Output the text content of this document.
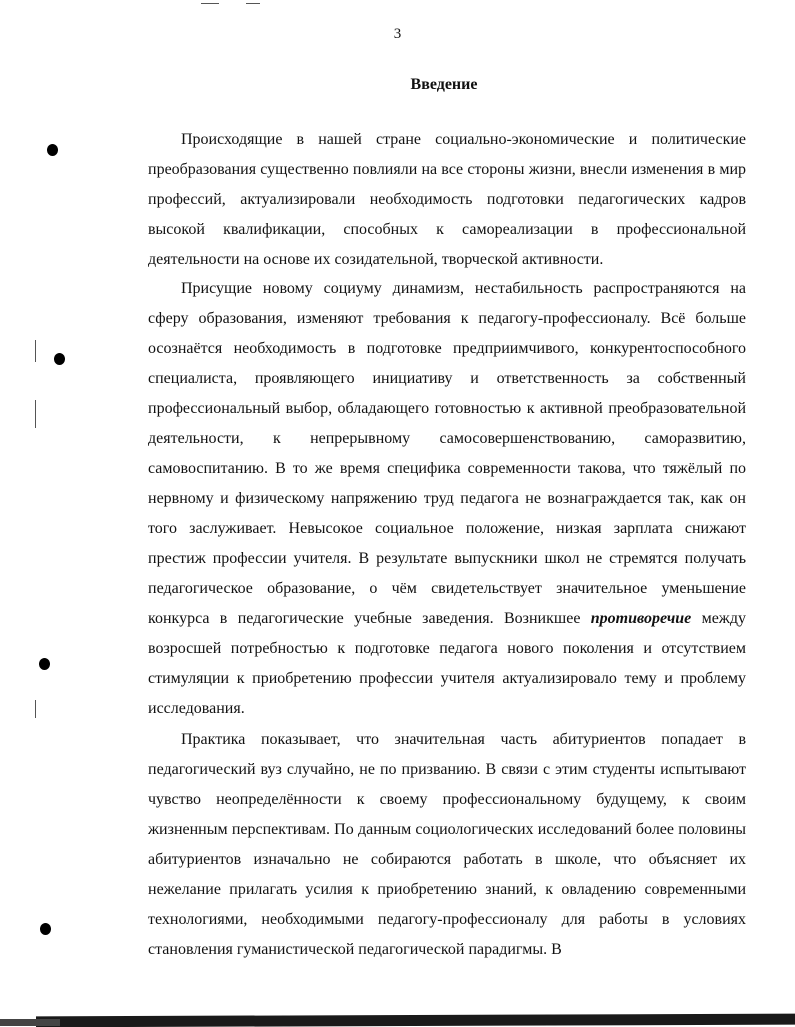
3
Введение

Происходящие в нашей стране социально-экономические и политические преобразования существенно повлияли на все стороны жизни, внесли изменения в мир профессий, актуализировали необходимость подготовки педагогических кадров высокой квалификации, способных к самореализации в профессиональной деятельности на основе их созидательной, творческой активности.

Присущие новому социуму динамизм, нестабильность распространяются на сферу образования, изменяют требования к педагогу-профессионалу. Всё больше осознаётся необходимость в подготовке предприимчивого, конкурентоспособного специалиста, проявляющего инициативу и ответственность за собственный профессиональный выбор, обладающего готовностью к активной преобразовательной деятельности, к непрерывному самосовершенствованию, саморазвитию, самовоспитанию. В то же время специфика современности такова, что тяжёлый по нервному и физическому напряжению труд педагога не вознаграждается так, как он того заслуживает. Невысокое социальное положение, низкая зарплата снижают престиж профессии учителя. В результате выпускники школ не стремятся получать педагогическое образование, о чём свидетельствует значительное уменьшение конкурса в педагогические учебные заведения. Возникшее противоречие между возросшей потребностью к подготовке педагога нового поколения и отсутствием стимуляции к приобретению профессии учителя актуализировало тему и проблему исследования.

Практика показывает, что значительная часть абитуриентов попадает в педагогический вуз случайно, не по призванию. В связи с этим студенты испытывают чувство неопределённости к своему профессиональному будущему, к своим жизненным перспективам. По данным социологических исследований более половины абитуриентов изначально не собираются работать в школе, что объясняет их нежелание прилагать усилия к приобретению знаний, к овладению современными технологиями, необходимыми педагогу-профессионалу для работы в условиях становления гуманистической педагогической парадигмы. В
